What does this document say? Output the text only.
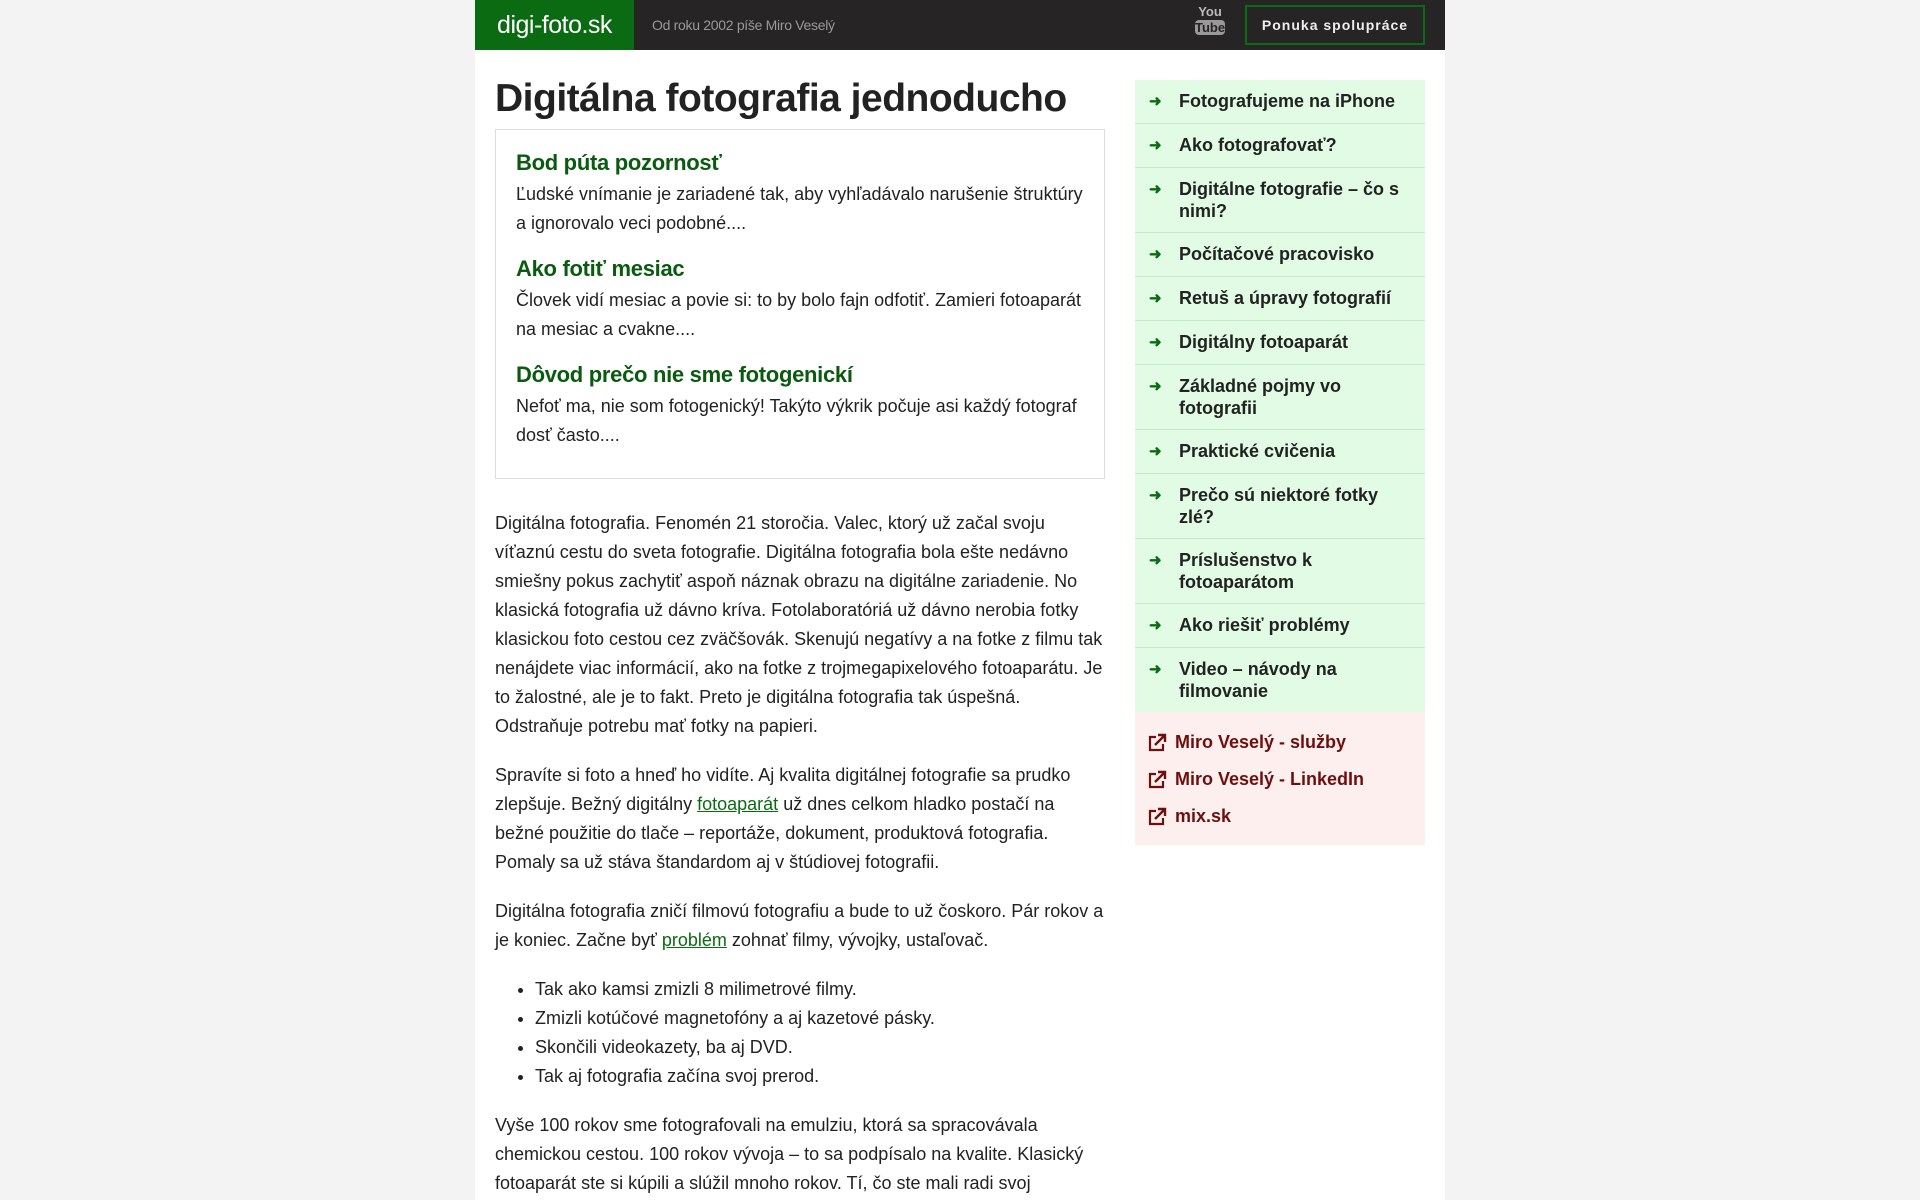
digi-foto.sk	Od roku 2002 píše Miro Veselý
You
Tube	Ponuka spolupráce
Digitálna fotografia jednoducho
Bod púta pozornosť

Ľudské vnímanie je zariadené tak, aby vyhľadávalo narušenie štruktúry a ignorovalo veci podobné....

Ako fotiť mesiac

Človek vidí mesiac a povie si: to by bolo fajn odfotiť. Zamieri fotoaparát na mesiac a cvakne....

Dôvod prečo nie sme fotogenickí

Nefoť ma, nie som fotogenický! Takýto výkrik počuje asi každý fotograf dosť často....

Digitálna fotografia. Fenomén 21 storočia. Valec, ktorý už začal svoju víťaznú cestu do sveta fotografie. Digitálna fotografia bola ešte nedávno smiešny pokus zachytiť aspoň náznak obrazu na digitálne zariadenie. No klasická fotografia už dávno kríva. Fotolaboratóriá už dávno nerobia fotky klasickou foto cestou cez zväčšovák. Skenujú negatívy a na fotke z filmu tak nenájdete viac informácií, ako na fotke z trojmegapixelového fotoaparátu. Je to žalostné, ale je to fakt. Preto je digitálna fotografia tak úspešná. Odstraňuje potrebu mať fotky na papieri.

Spravíte si foto a hneď ho vidíte. Aj kvalita digitálnej fotografie sa prudko zlepšuje. Bežný digitálny fotoaparát už dnes celkom hladko postačí na bežné použitie do tlače – reportáže, dokument, produktová fotografia. Pomaly sa už stáva štandardom aj v štúdiovej fotografii.

Digitálna fotografia zničí filmovú fotografiu a bude to už čoskoro. Pár rokov a je koniec. Začne byť problém zohnať filmy, vývojky, ustaľovač.

• Tak ako kamsi zmizli 8 milimetrové filmy.
• Zmizli kotúčové magnetofóny a aj kazetové pásky.
• Skončili videokazety, ba aj DVD.
• Tak aj fotografia začína svoj prerod.

Vyše 100 rokov sme fotografovali na emulziu, ktorá sa spracovávala chemickou cestou. 100 rokov vývoja – to sa podpísalo na kvalite. Klasický fotoaparát ste si kúpili a slúžil mnoho rokov. Tí, čo ste mali radi svoj

➜ Fotografujeme na iPhone
➜ Ako fotografovať?
➜ Digitálne fotografie – čo s nimi?
➜ Počítačové pracovisko
➜ Retuš a úpravy fotografií
➜ Digitálny fotoaparát
➜ Základné pojmy vo fotografii
➜ Praktické cvičenia
➜ Prečo sú niektoré fotky zlé?
➜ Príslušenstvo k fotoaparátom
➜ Ako riešiť problémy
➜ Video – návody na filmovanie
Miro Veselý - služby
Miro Veselý - LinkedIn
mix.sk
